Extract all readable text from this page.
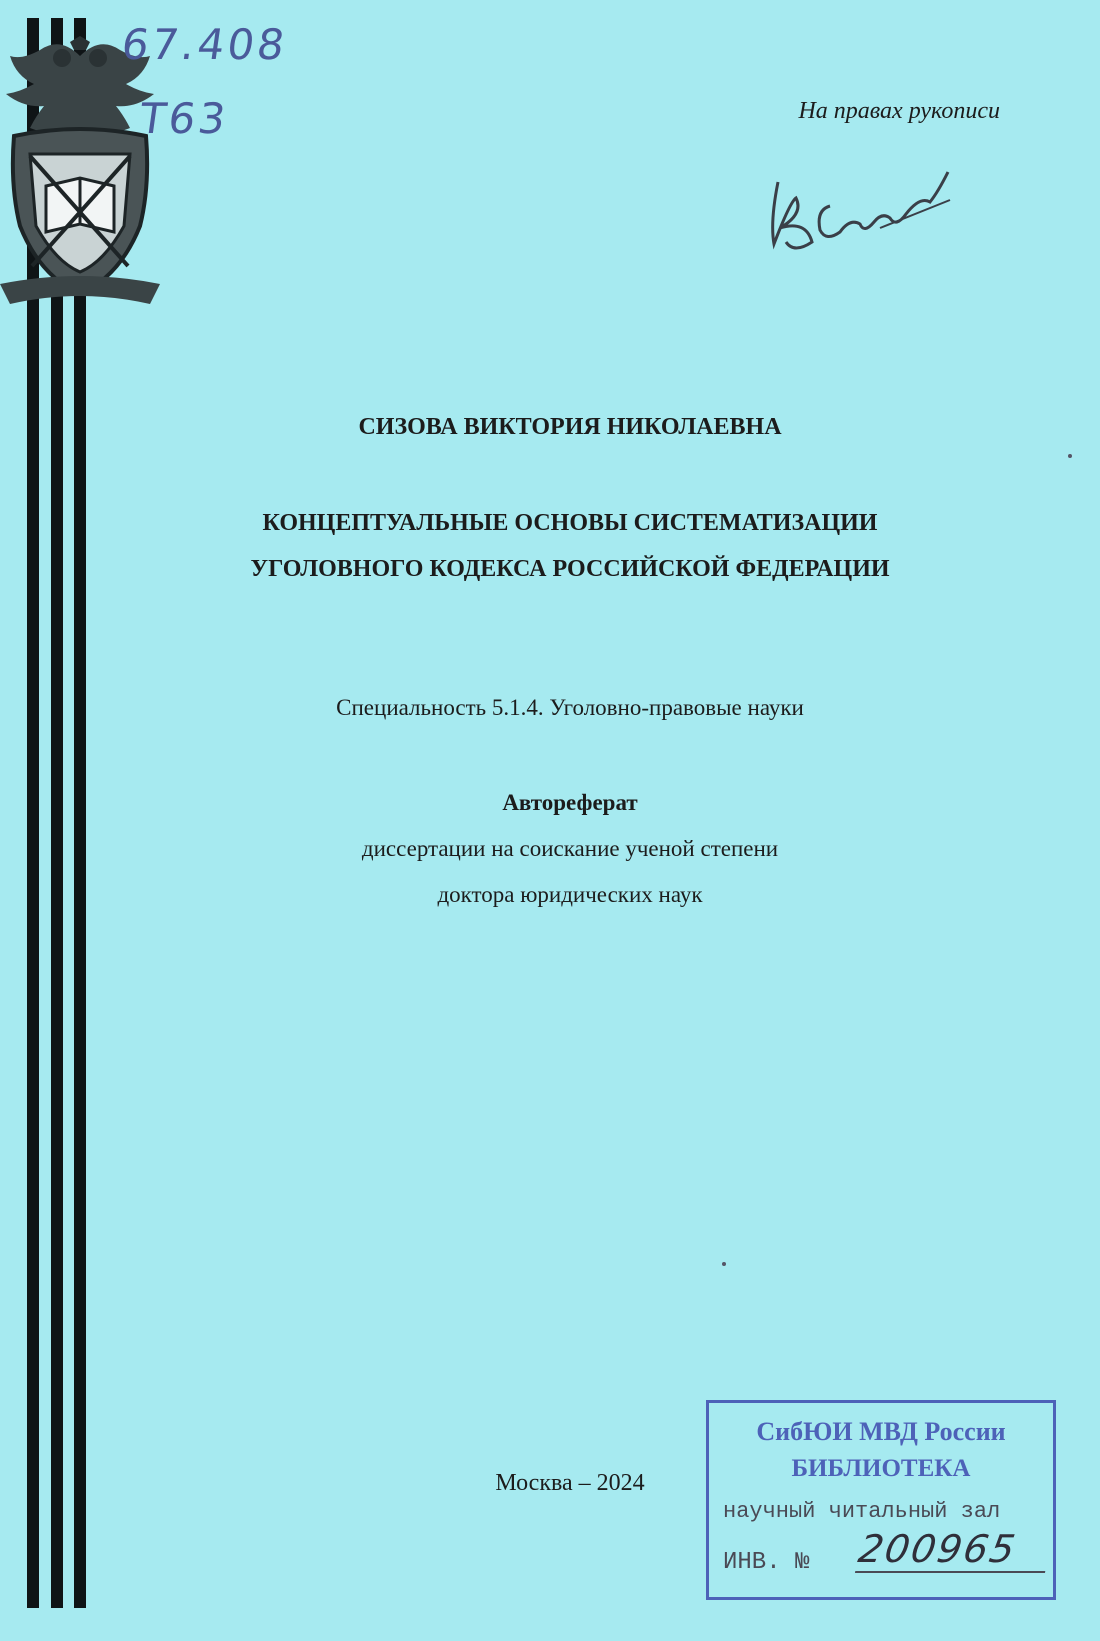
67.408
Т63	На правах рукописи
СИЗОВА ВИКТОРИЯ НИКОЛАЕВНА
КОНЦЕПТУАЛЬНЫЕ ОСНОВЫ СИСТЕМАТИЗАЦИИ
УГОЛОВНОГО КОДЕКСА РОССИЙСКОЙ ФЕДЕРАЦИИ
Специальность 5.1.4. Уголовно-правовые науки
Автореферат
диссертации на соискание ученой степени
доктора юридических наук
Москва – 2024
СибЮИ МВД России
БИБЛИОТЕКА
научный читальный зал
ИНВ. № 200965
